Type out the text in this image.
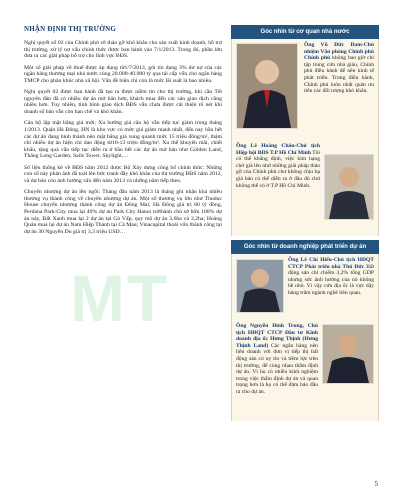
MT
NHẬN ĐỊNH THỊ TRƯỜNG

Nghị quyết số 02 của Chính phủ về tháo gỡ khó khăn cho sản xuất kinh doanh, hỗ trợ thị trường, xử lý nợ xấu chính thức được ban hành vào 7/1/2013. Trong đó, phần lớn đưa ra các giải pháp hỗ trợ cho lĩnh vực BĐS.

Một số giải pháp về thuế được áp dụng từ1/7/2013, gói tín dụng 3% dư nợ của các ngân hàng thương mại nhà nước cùng 20.000-40.000 tỷ qua tái cấp vốn cho ngân hàng TMCP cho phân khúc nhà xã hội. Vấn đề hiện chỉ còn là mức lãi suất là bao nhiêu.

Nghị quyết 02 được ban hành đã tạo ra được niềm tin cho thị trường, khi cần Tết nguyên đán đã có nhiều dự án mở bán hơn, khách mua đến các sàn giao dịch cũng nhiều hơn. Tuy nhiên, tình hình giao dịch BĐS vẫn chưa được cải thiện rõ nét khi doanh số bán vẫn còn hạn chế và khó khăn.

Cán hộ lập mặt bằng giá mới: Xu hướng giá căn hộ vẫn tiếp tục giảm trong tháng 1/2013. Quận Hà Đông, HN là khu vực có mức giá giảm mạnh nhất, đến nay hầu hết các dự án đang hình thành nên mặt bằng giá xung quanh mức 15 triệu đồng/m², thậm chí nhiều dự án hiện chỉ dao động từ10-13 triệu đồng/m². Xu thế khuyến mãi, chiết khấu, tặng quà vẫn tiếp tục diễn ra ở hầu hết các dự án mở bán như Golden Land, Thăng Long Garden, Sails Tower, Skylight,…

Số liệu thống kê về BĐS năm 2012 được Bộ Xây dựng công bố chính thức: Những con số này phản ánh đã toát lên bức tranh đầy khó khăn của thị trường BĐS năm 2012, và dự báo còn ảnh hưởng xấu đến năm 2013 và những năm tiếp theo.

Chuyển nhượng dự án lên ngôi: Tháng đầu năm 2013 là tháng ghi nhận khá nhiều thương vụ thành công về chuyển nhượng dự án. Một số thương vụ lớn như Thuduc House chuyển nhượng thành công dự án Đông Mai, Hà Đông giá trị 80 tỷ đồng, Perdana Park-City mua lại 40% dự án Park City Hanoi trớthành chủ sở hữu 100% dự án này, Đất Xanh mua lại 2 dự án tại Gò Vấp, quy mô dự án 3,6ha và 3,2ha; Hoàng Quân mua lại dự án Nam Hiệp Thành tại Cà Mau; Vinacapital thoái vốn thành công tại dự án 30 Nguyễn Du giá trị 3,3 triệu USD…

Góc nhìn từ cơ quan nhà nước
Ông Vũ Đức Đam-Chủ nhiệm Văn phòng Chính phủ Chính phủ không bao giờ chỉ tập trung cứu nhà giàu, Chính phủ điều hành để nền kinh tế phát triển. Trong điều hành, Chính phủ luôn nhất quán ưu tiên các đối tượng khó khăn.
Ông Lê Hoàng Châu-Chủ tịch Hiệp hội BĐS T.P Hồ Chí Minh Tôi có thể khẳng định, việc kim hạng chờ giá lên nhờ những giải pháp tháo gỡ của Chính phủ chư không chịu hạ giá bán có thể diễn ra ở đâu đó chứ không thể có ở T.P Hồ Chí Minh.
Góc nhìn từ doanh nghiệp phát triển dự án
Ông Lê Chí Hiếu-Chủ tịch HĐQT CTCP Phát triển nhà Thủ Đức Bất động sản chỉ chiếm 3,2% tổng GDP nhưng sức ảnh hưởng của nó không hề nhỏ. Vì vậy cứu địa ốc là vực dậy hàng trăm ngành nghề liên quan.
Ông Nguyễn Đình Trung, Chủ tịch HĐQT CTCP Đầu tư Kinh doanh địa ốc Hưng Thịnh (Hưng Thịnh Land) Các ngân hàng nên liên doanh với đơn vị tiếp thị bất động sản có uy tín và tiềm lực trên thị trường, để cùng nhau thẩm định dự án. Vì họ có nhiều kinh nghiệm trong việc thẩm định dự án và quan trọng hơn là họ có thể đảm bảo đầu ra cho dự án.
5
